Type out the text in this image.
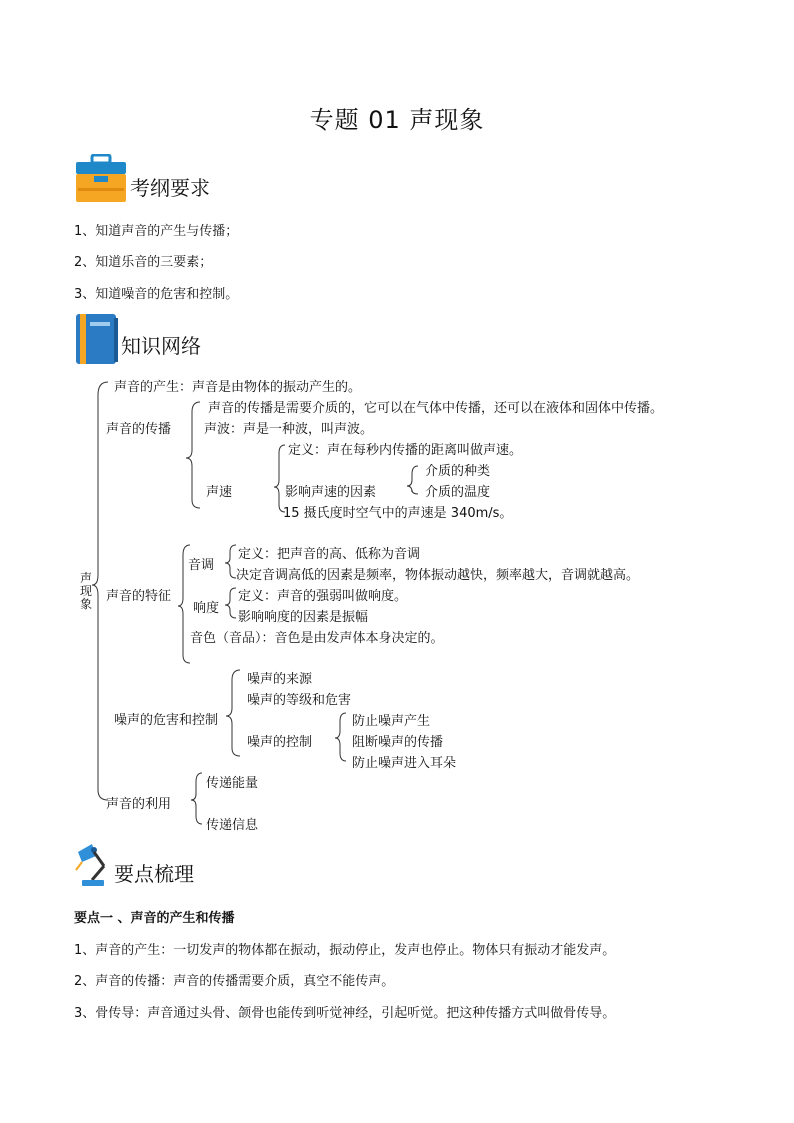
专题 01 声现象
考纲要求
1、知道声音的产生与传播；
2、知道乐音的三要素；
3、知道噪音的危害和控制。
知识网络
声现象
声音的产生：声音是由物体的振动产生的。
声音的传播
声音的传播是需要介质的，它可以在气体中传播，还可以在液体和固体中传播。
声波：声是一种波，叫声波。
声速
定义：声在每秒内传播的距离叫做声速。
影响声速的因素
介质的种类
介质的温度
15 摄氏度时空气中的声速是 340m/s。
声音的特征
音调
定义：把声音的高、低称为音调
决定音调高低的因素是频率，物体振动越快，频率越大，音调就越高。
响度
定义：声音的强弱叫做响度。
影响响度的因素是振幅
音色（音品）：音色是由发声体本身决定的。
噪声的危害和控制
噪声的来源
噪声的等级和危害
噪声的控制
防止噪声产生
阻断噪声的传播
防止噪声进入耳朵
声音的利用
传递能量
传递信息
要点梳理
要点一 、声音的产生和传播
1、声音的产生：一切发声的物体都在振动，振动停止，发声也停止。物体只有振动才能发声。
2、声音的传播：声音的传播需要介质，真空不能传声。
3、骨传导：声音通过头骨、颌骨也能传到听觉神经，引起听觉。把这种传播方式叫做骨传导。
